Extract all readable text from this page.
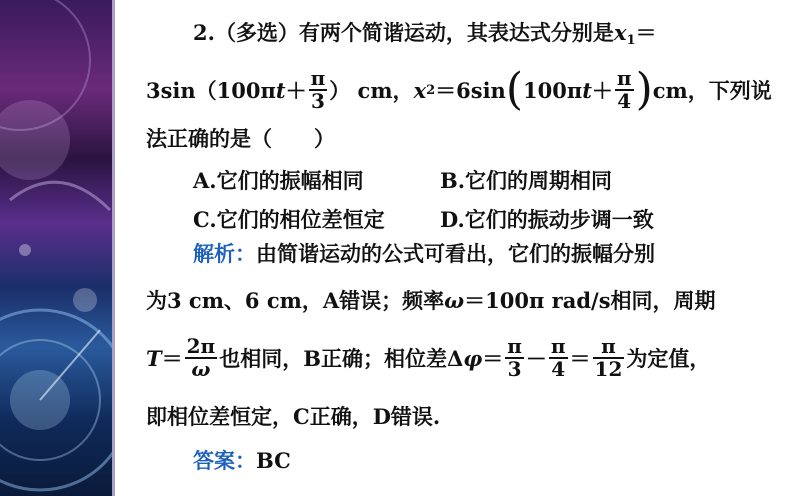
2.（多选）有两个简谐运动，其表达式分别是$x_1=$
3sin（100π $t + \frac{\pi}{3}$ ） cm， x 2 ＝6sin ( 100π $t + \frac{\pi}{4}$ ) cm，下列说
法正确的是（　　）
A.它们的振幅相同	B.它们的周期相同
C.它们的相位差恒定	D.它们的振动步调一致
解析：由简谐运动的公式可看出，它们的振幅分别
为3 cm、6 cm，A错误；频率ω＝100π rad/s相同，周期
$T = \frac{2\pi}{\omega}$ 也相同，B正确；相位差Δ $\varphi = \frac{\pi}{3} - \frac{\pi}{4} = \frac{\pi}{12}$ 为定值，
即相位差恒定，C正确，D错误.
答案：BC
